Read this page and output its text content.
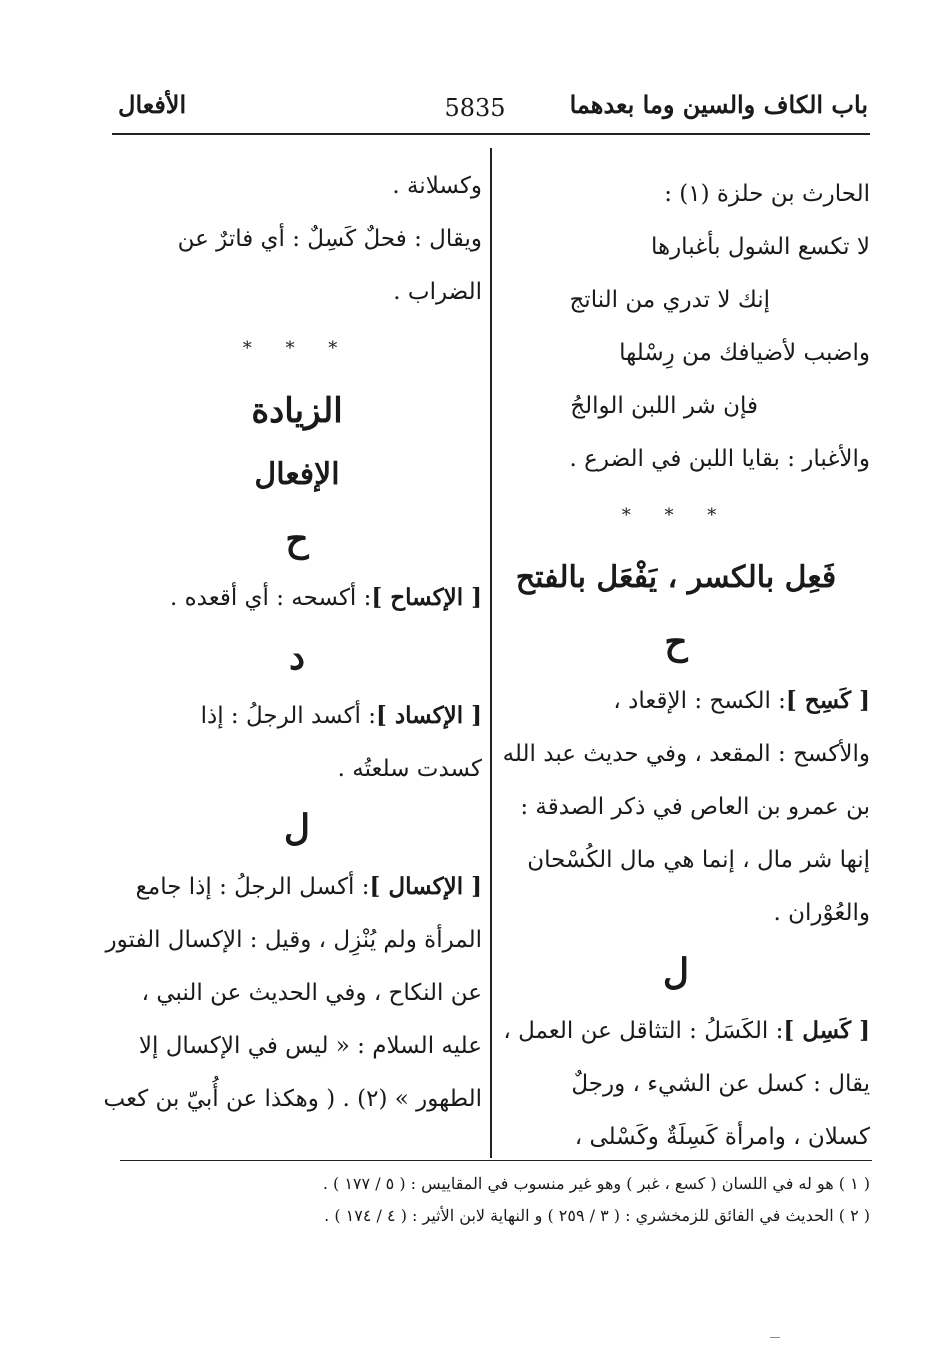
باب الكاف والسين وما بعدهما
5835
الأفعال

الحارث بن حلزة (١) :

لا تكسع الشول بأغبارها

إنك لا تدري من الناتج

واضبب لأضيافك من رِسْلها

فإن شر اللبن الوالجُ

والأغبار : بقايا اللبن في الضرع .

* * *

فَعِل بالكسر ، يَفْعَل بالفتح

ح

[ كَسِح ]: الكسح : الإقعاد ،

والأكسح : المقعد ، وفي حديث عبد الله

بن عمرو بن العاص في ذكر الصدقة :

إنها شر مال ، إنما هي مال الكُسْحان

والعُوْران .

ل

[ كَسِل ]: الكَسَلُ : التثاقل عن العمل ،

يقال : كسل عن الشيء ، ورجلٌ

كسلان ، وامرأة كَسِلَةٌ وكَسْلى ،

وكسلانة .

ويقال : فحلٌ كَسِلٌ : أي فاترٌ عن

الضراب .

* * *

الزيادة

الإفعال

ح

[ الإكساح ]: أكسحه : أي أقعده .

د

[ الإكساد ]: أكسد الرجلُ : إذا

كسدت سلعتُه .

ل

[ الإكسال ]: أكسل الرجلُ : إذا جامع

المرأة ولم يُنْزِل ، وقيل : الإكسال الفتور

عن النكاح ، وفي الحديث عن النبي ،

عليه السلام : « ليس في الإكسال إلا

الطهور » (٢) . ( وهكذا عن أُبيّ بن كعب

( ١ ) هو له في اللسان ( كسع ، غبر ) وهو غير منسوب في المقاييس : ( ٥ / ١٧٧ ) .

( ٢ ) الحديث في الفائق للزمخشري : ( ٣ / ٢٥٩ ) و النهاية لابن الأثير : ( ٤ / ١٧٤ ) .
